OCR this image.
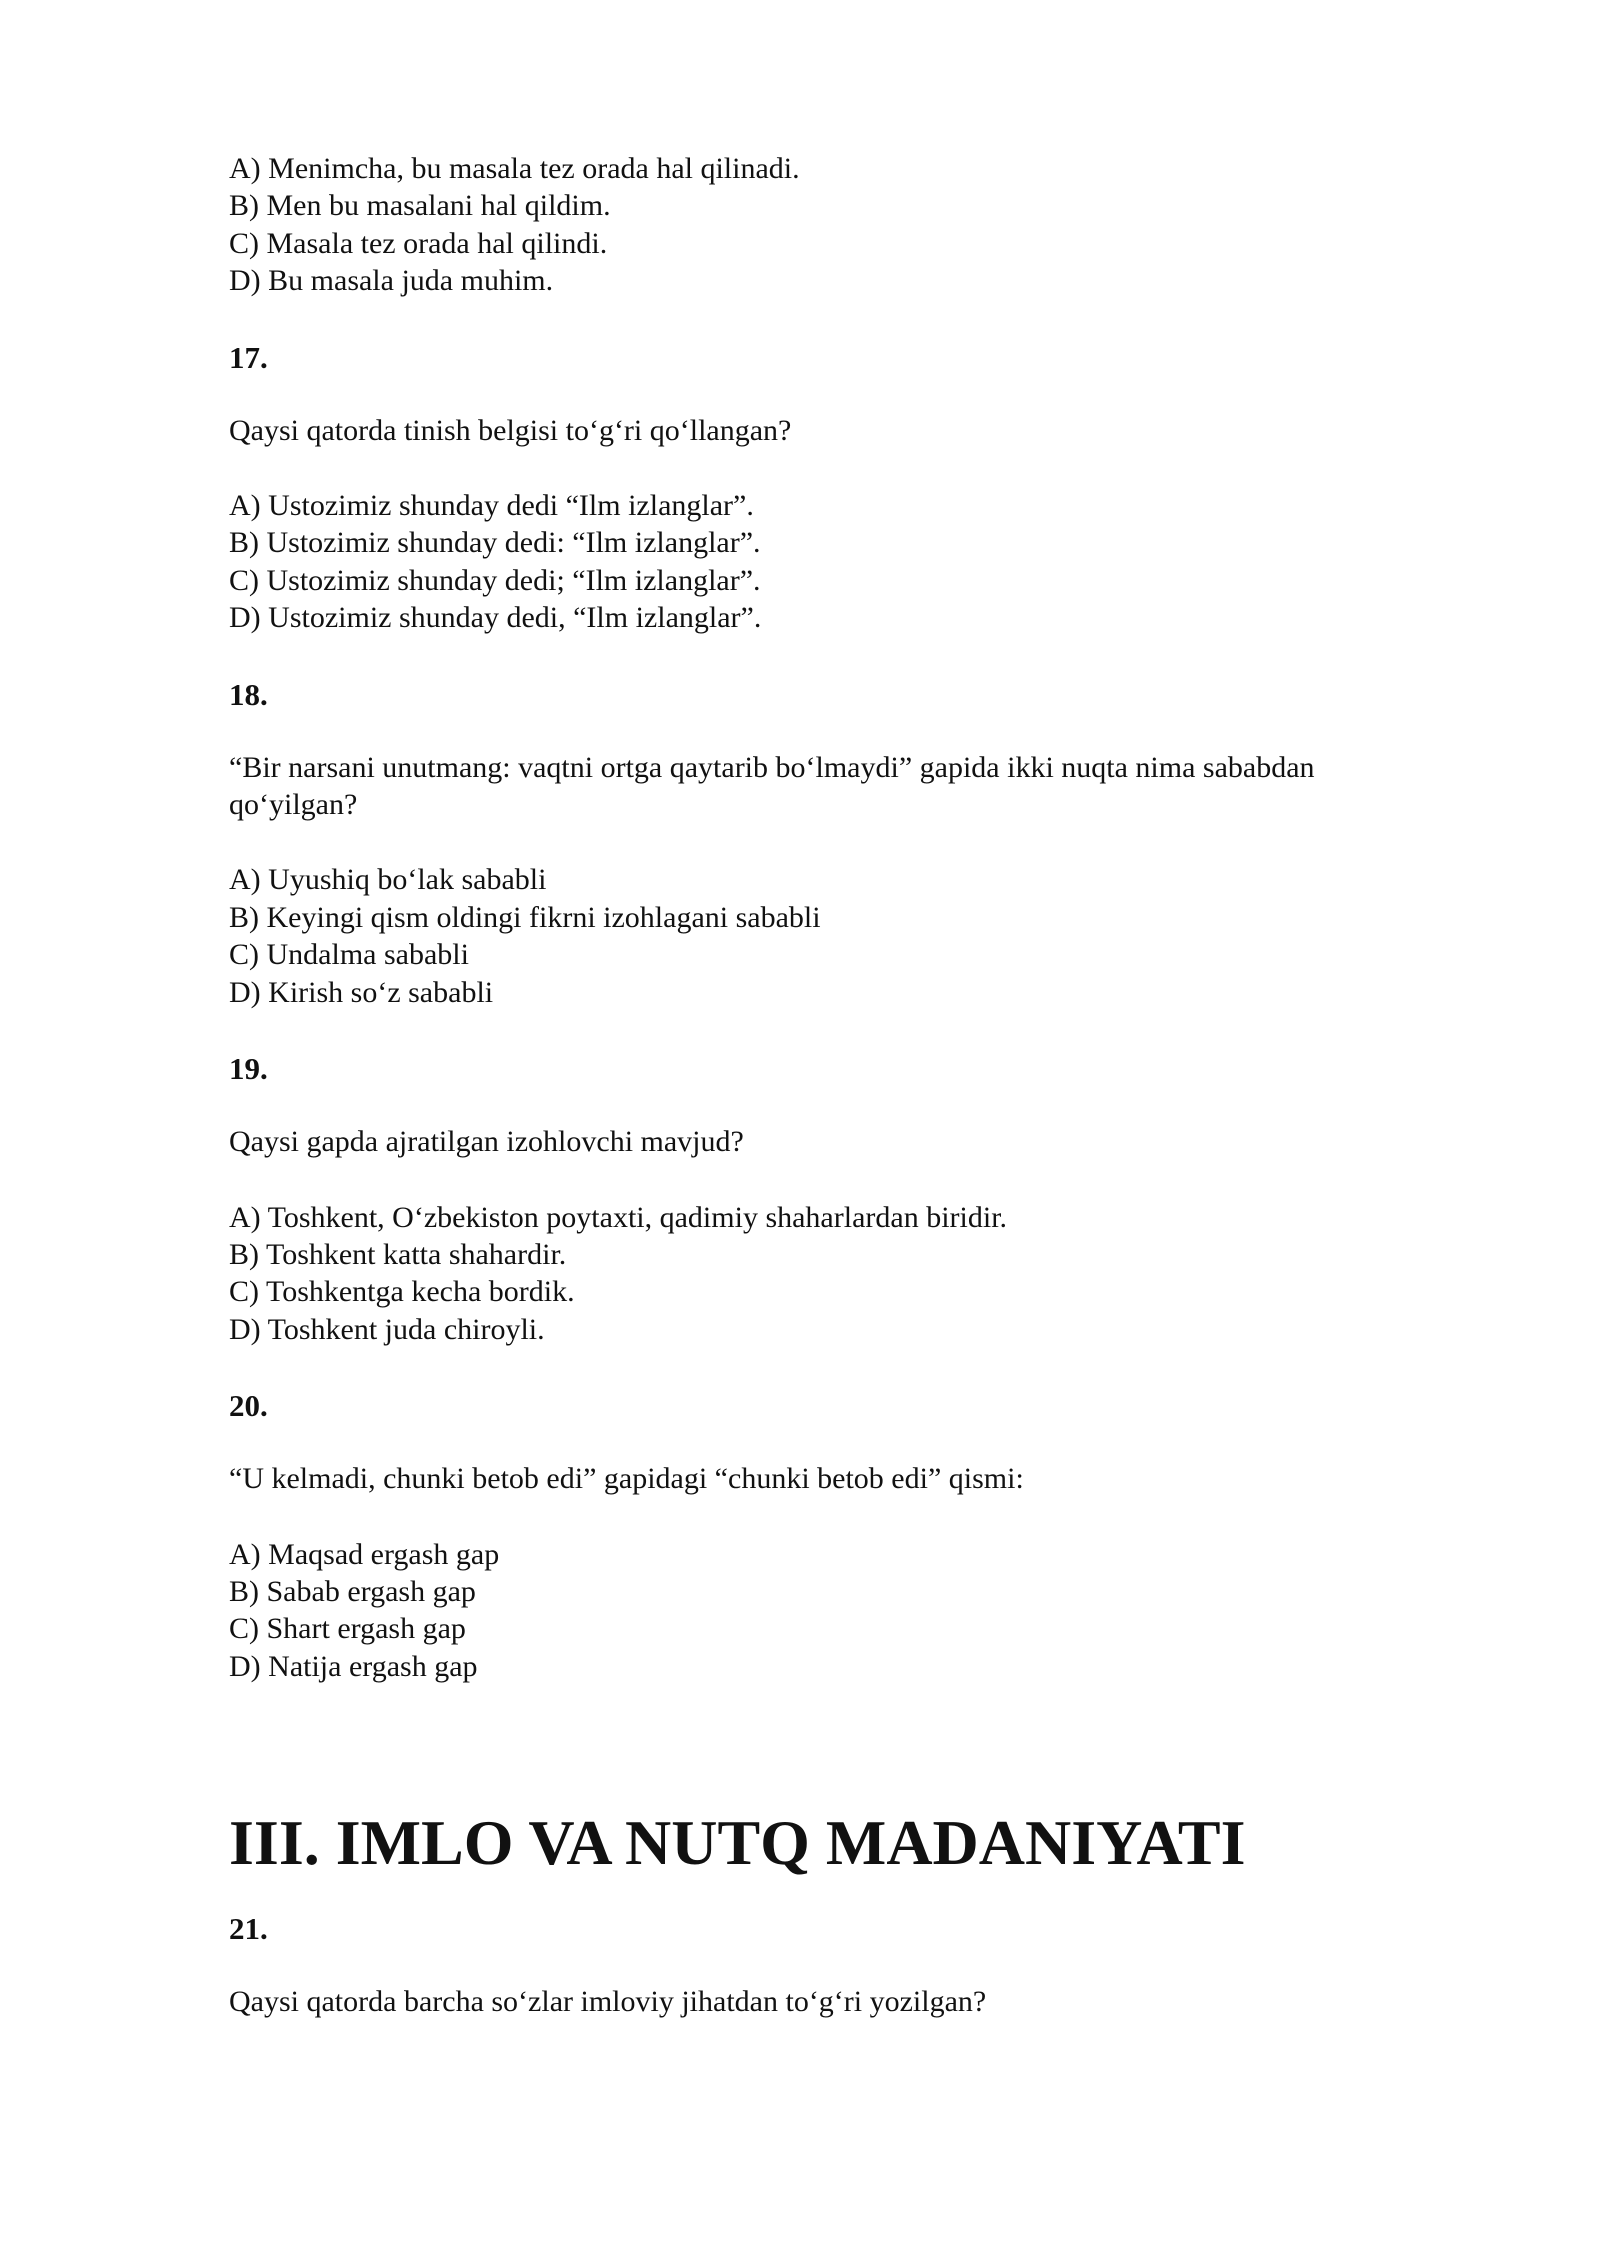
A) Menimcha, bu masala tez orada hal qilinadi.
B) Men bu masalani hal qildim.
C) Masala tez orada hal qilindi.
D) Bu masala juda muhim.
17.
Qaysi qatorda tinish belgisi to‘g‘ri qo‘llangan?
A) Ustozimiz shunday dedi “Ilm izlanglar”.
B) Ustozimiz shunday dedi: “Ilm izlanglar”.
C) Ustozimiz shunday dedi; “Ilm izlanglar”.
D) Ustozimiz shunday dedi, “Ilm izlanglar”.
18.
“Bir narsani unutmang: vaqtni ortga qaytarib bo‘lmaydi” gapida ikki nuqta nima sababdan qo‘yilgan?
A) Uyushiq bo‘lak sababli
B) Keyingi qism oldingi fikrni izohlagani sababli
C) Undalma sababli
D) Kirish so‘z sababli
19.
Qaysi gapda ajratilgan izohlovchi mavjud?
A) Toshkent, O‘zbekiston poytaxti, qadimiy shaharlardan biridir.
B) Toshkent katta shahardir.
C) Toshkentga kecha bordik.
D) Toshkent juda chiroyli.
20.
“U kelmadi, chunki betob edi” gapidagi “chunki betob edi” qismi:
A) Maqsad ergash gap
B) Sabab ergash gap
C) Shart ergash gap
D) Natija ergash gap
III. IMLO VA NUTQ MADANIYATI
21.
Qaysi qatorda barcha so‘zlar imloviy jihatdan to‘g‘ri yozilgan?
